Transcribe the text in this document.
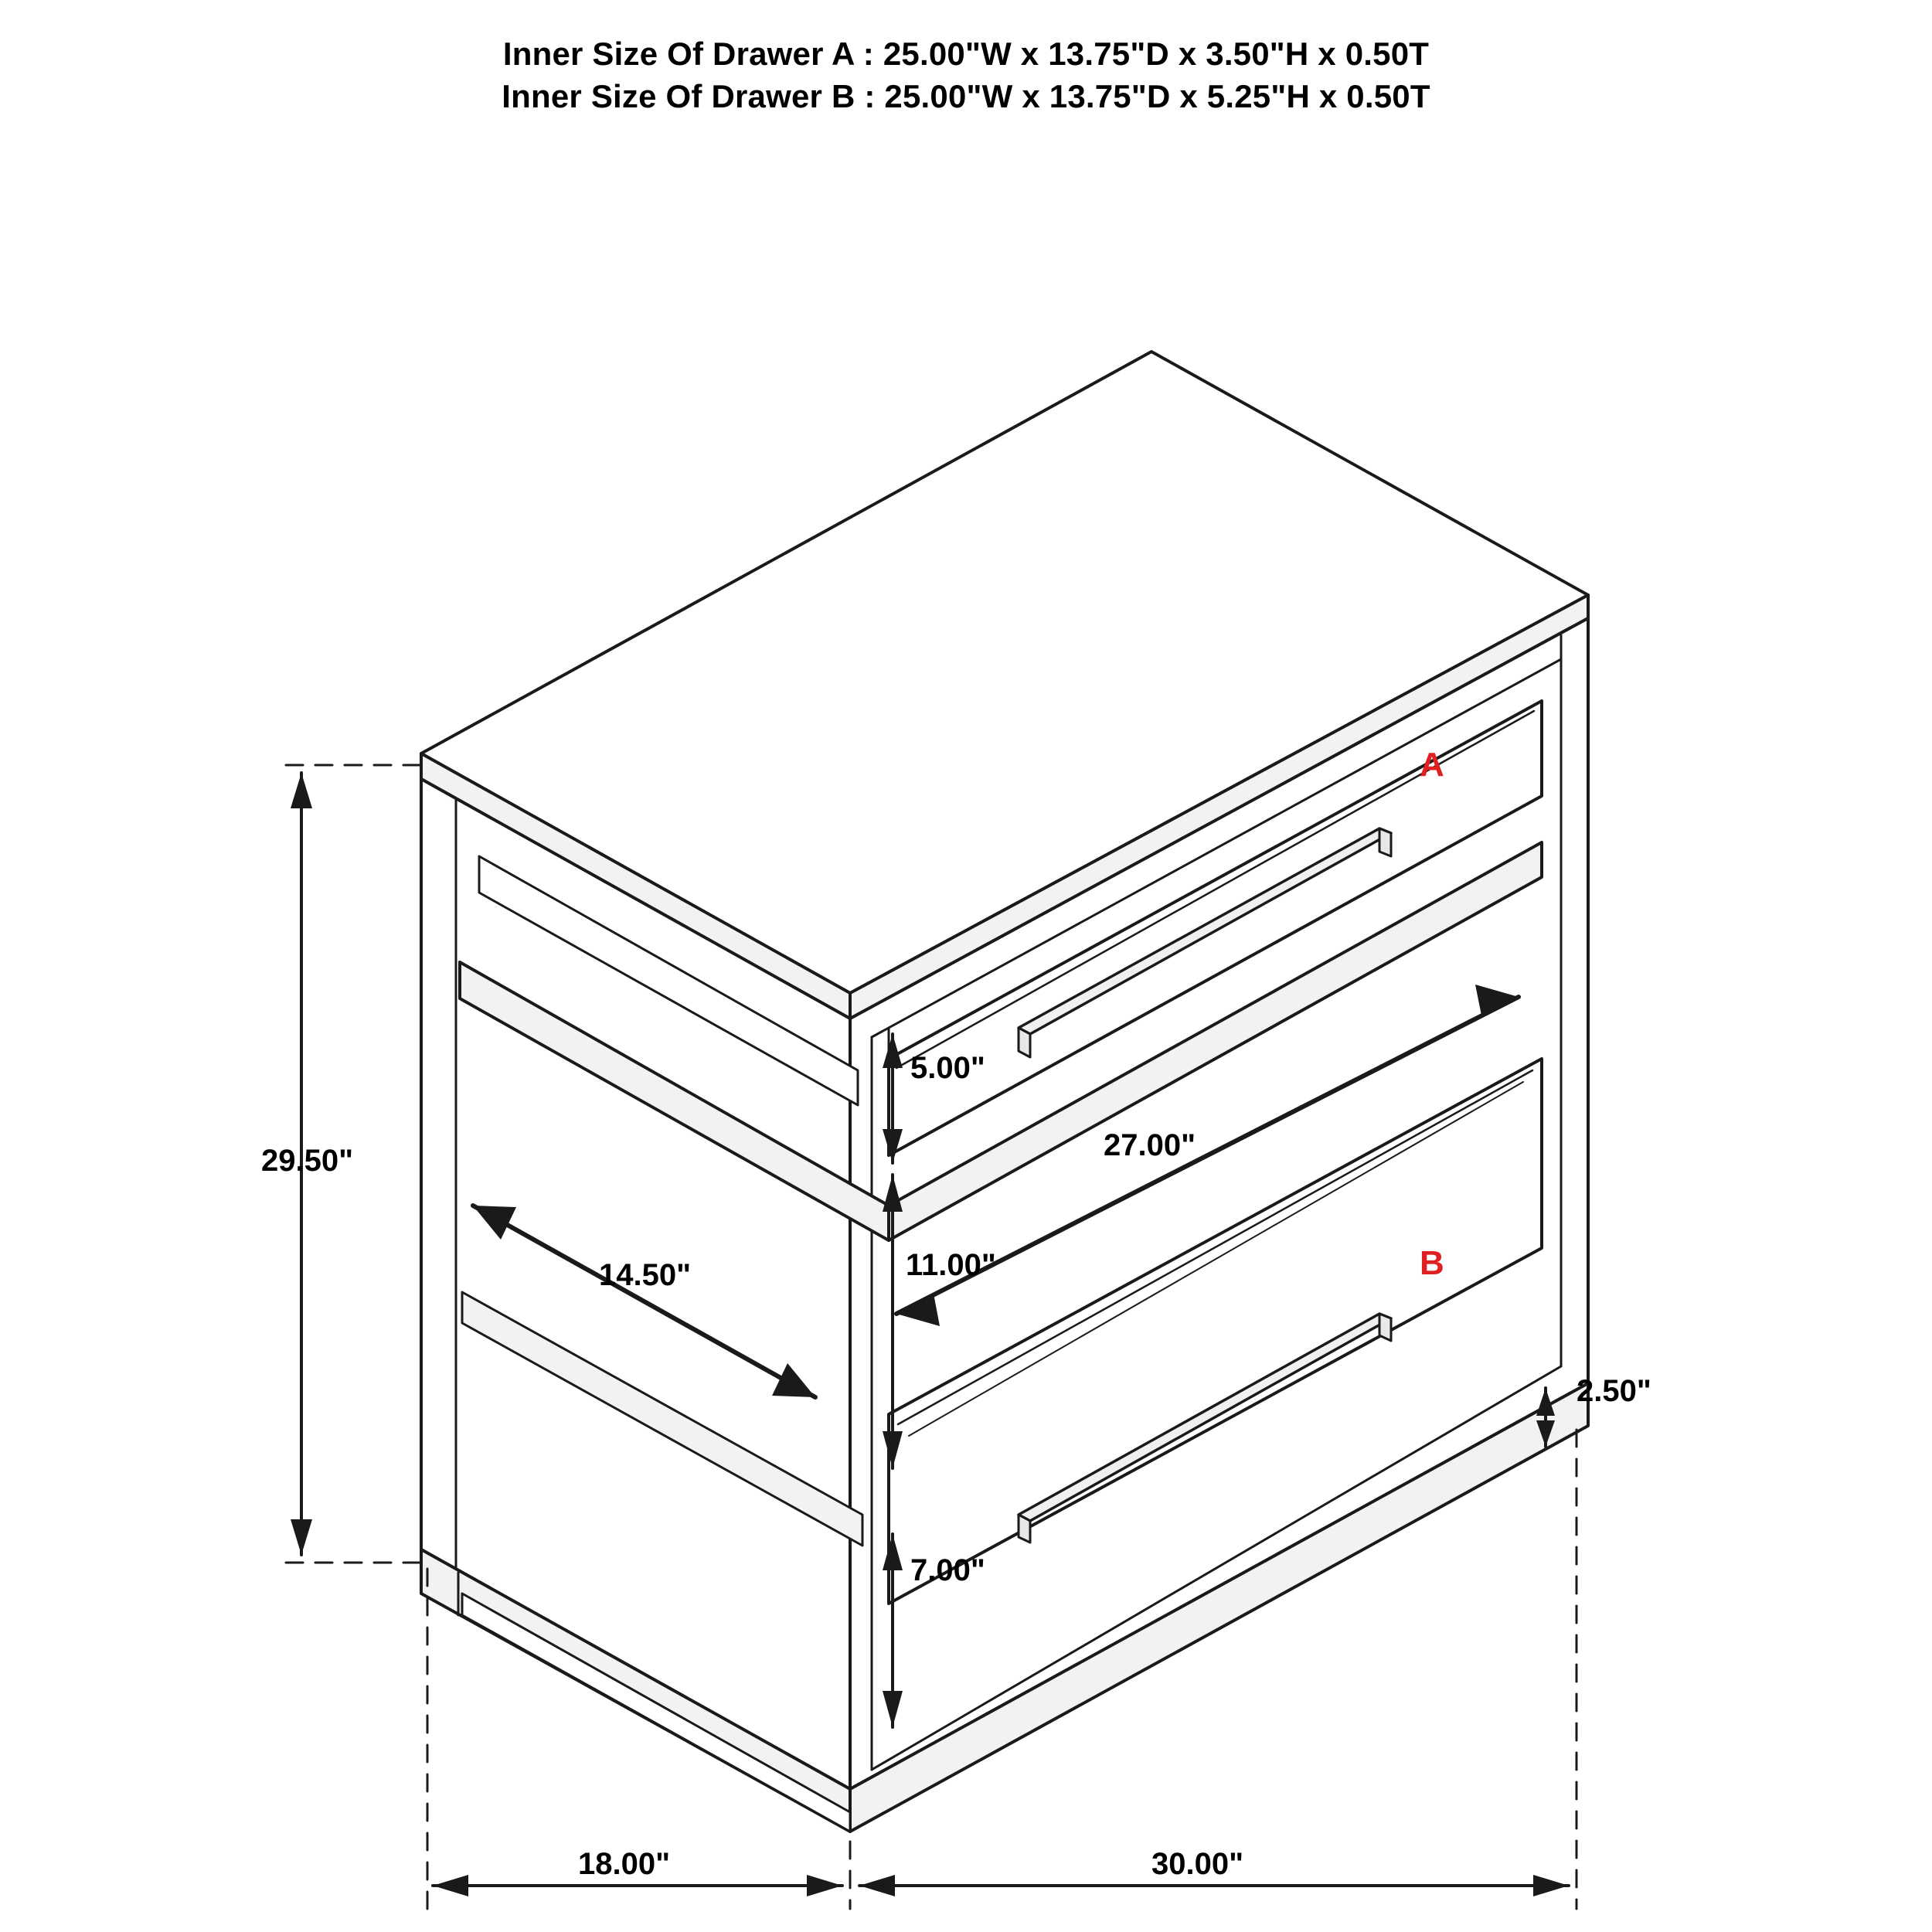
Inner Size Of Drawer A : 25.00"W x 13.75"D x 3.50"H x 0.50T
Inner Size Of Drawer B : 25.00"W x 13.75"D x 5.25"H x 0.50T
29.50"
18.00"	30.00"
5.00"
11.00"
7.00"
2.50"
14.50"
27.00"
A
B
